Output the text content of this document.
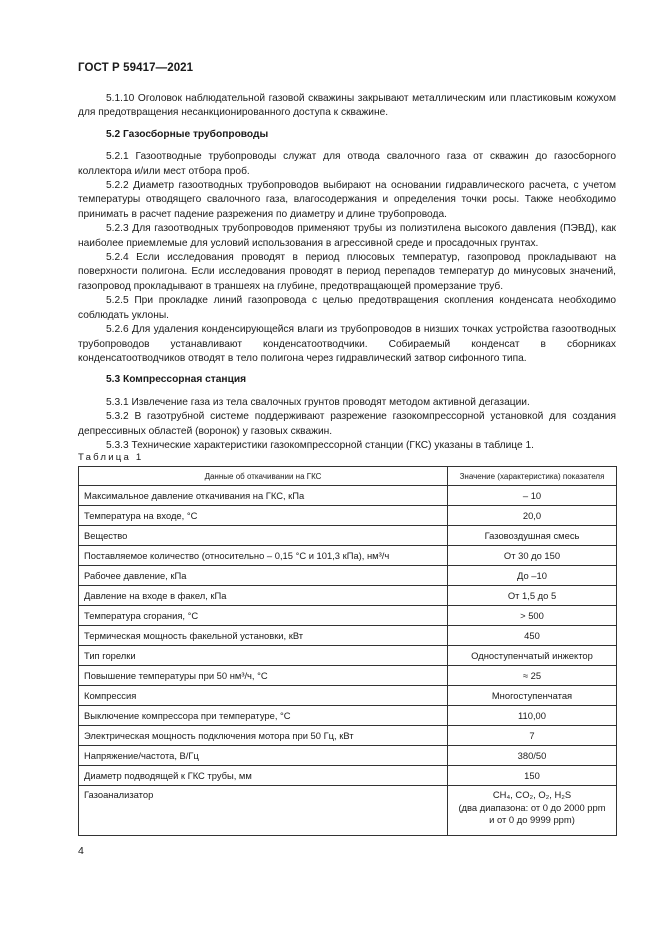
ГОСТ Р 59417—2021

5.1.10 Оголовок наблюдательной газовой скважины закрывают металлическим или пластиковым кожухом для предотвращения несанкционированного доступа к скважине.

5.2 Газосборные трубопроводы

5.2.1 Газоотводные трубопроводы служат для отвода свалочного газа от скважин до газосборного коллектора и/или мест отбора проб.

5.2.2 Диаметр газоотводных трубопроводов выбирают на основании гидравлического расчета, с учетом температуры отводящего свалочного газа, влагосодержания и определения точки росы. Также необходимо принимать в расчет падение разрежения по диаметру и длине трубопровода.

5.2.3 Для газоотводных трубопроводов применяют трубы из полиэтилена высокого давления (ПЭВД), как наиболее приемлемые для условий использования в агрессивной среде и просадочных грунтах.

5.2.4 Если исследования проводят в период плюсовых температур, газопровод прокладывают на поверхности полигона. Если исследования проводят в период перепадов температур до минусовых значений, газопровод прокладывают в траншеях на глубине, предотвращающей промерзание труб.

5.2.5 При прокладке линий газопровода с целью предотвращения скопления конденсата необходимо соблюдать уклоны.

5.2.6 Для удаления конденсирующейся влаги из трубопроводов в низших точках устройства газоотводных трубопроводов устанавливают конденсатоотводчики. Собираемый конденсат в сборниках конденсатоотводчиков отводят в тело полигона через гидравлический затвор сифонного типа.

5.3 Компрессорная станция

5.3.1 Извлечение газа из тела свалочных грунтов проводят методом активной дегазации.

5.3.2 В газотрубной системе поддерживают разрежение газокомпрессорной установкой для создания депрессивных областей (воронок) у газовых скважин.

5.3.3 Технические характеристики газокомпрессорной станции (ГКС) указаны в таблице 1.

Таблица 1
Данные об откачивании на ГКС	Значение (характеристика) показателя
Максимальное давление откачивания на ГКС, кПа	– 10
Температура на входе, °С	20,0
Вещество	Газовоздушная смесь
Поставляемое количество (относительно – 0,15 °С и 101,3 кПа), нм³/ч	От 30 до 150
Рабочее давление, кПа	До –10
Давление на входе в факел, кПа	От 1,5 до 5
Температура сгорания, °С	> 500
Термическая мощность факельной установки, кВт	450
Тип горелки	Одноступенчатый инжектор
Повышение температуры при 50 нм³/ч, °С	≈ 25
Компрессия	Многоступенчатая
Выключение компрессора при температуре, °С	110,00
Электрическая мощность подключения мотора при 50 Гц, кВт	7
Напряжение/частота, В/Гц	380/50
Диаметр подводящей к ГКС трубы, мм	150
Газоанализатор	CH₄, CO₂, O₂, H₂S
(два диапазона: от 0 до 2000 ppm
и от 0 до 9999 ppm)
4
